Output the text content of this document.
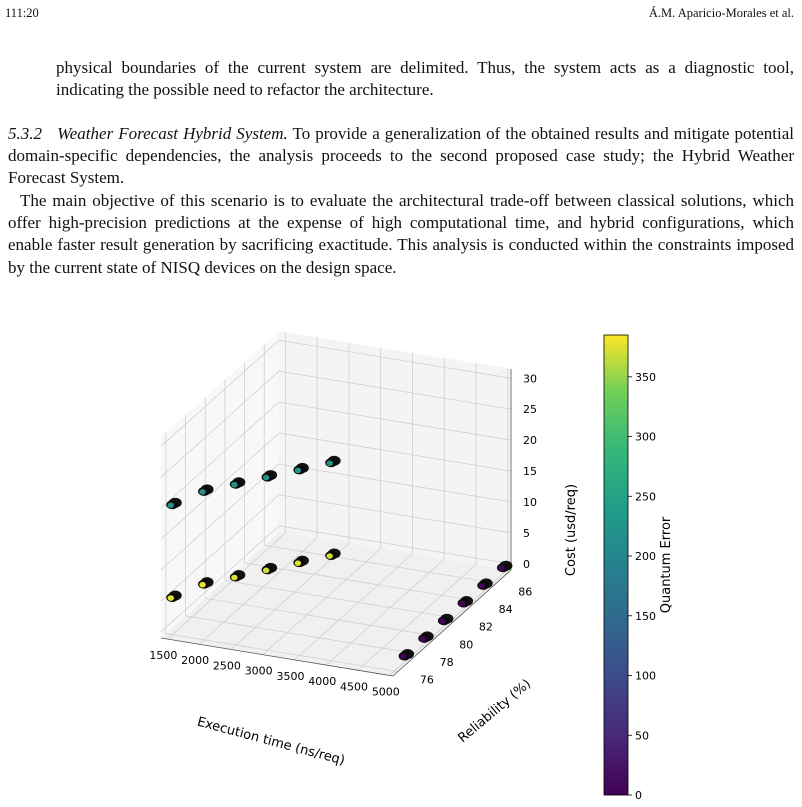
111:20	Á.M. Aparicio-Morales et al.

physical boundaries of the current system are delimited. Thus, the system acts as a diagnostic tool, indicating the possible need to refactor the architecture.

5.3.2 Weather Forecast Hybrid System. To provide a generalization of the obtained results and mitigate potential domain-specific dependencies, the analysis proceeds to the second proposed case study; the Hybrid Weather Forecast System.

The main objective of this scenario is to evaluate the architectural trade-off between classical solutions, which offer high-precision predictions at the expense of high computational time, and hybrid configurations, which enable faster result generation by sacrificing exactitude. This analysis is conducted within the constraints imposed by the current state of NISQ devices on the design space.

1500 2000 2500 3000 3500 4000 4500 5000
76
78
80
82
84
86
0
5
10
15
20
25
30
Execution time (ns/req)	Reliability (%)
Cost (usd/req)
0
50
100
150
200
250
300
350
Quantum Error
